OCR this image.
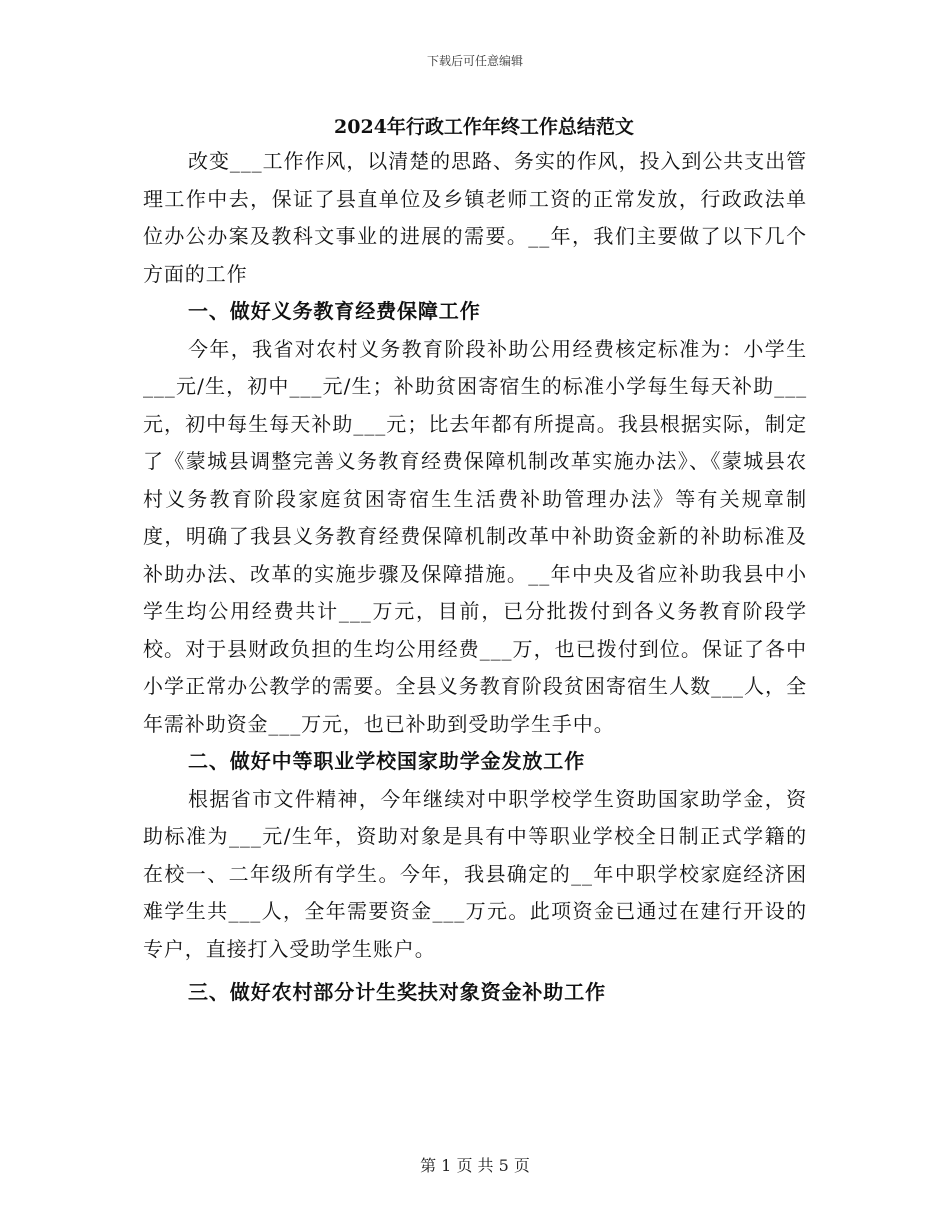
下载后可任意编辑
2024年行政工作年终工作总结范文

改变___工作作风，以清楚的思路、务实的作风，投入到公共支出管理工作中去，保证了县直单位及乡镇老师工资的正常发放，行政政法单位办公办案及教科文事业的进展的需要。__年，我们主要做了以下几个方面的工作

一、做好义务教育经费保障工作

今年，我省对农村义务教育阶段补助公用经费核定标准为：小学生___元/生，初中___元/生；补助贫困寄宿生的标准小学每生每天补助___元，初中每生每天补助___元；比去年都有所提高。我县根据实际，制定了《蒙城县调整完善义务教育经费保障机制改革实施办法》、《蒙城县农村义务教育阶段家庭贫困寄宿生生活费补助管理办法》等有关规章制度，明确了我县义务教育经费保障机制改革中补助资金新的补助标准及补助办法、改革的实施步骤及保障措施。__年中央及省应补助我县中小学生均公用经费共计___万元，目前，已分批拨付到各义务教育阶段学校。对于县财政负担的生均公用经费___万，也已拨付到位。保证了各中小学正常办公教学的需要。全县义务教育阶段贫困寄宿生人数___人，全年需补助资金___万元，也已补助到受助学生手中。

二、做好中等职业学校国家助学金发放工作

根据省市文件精神，今年继续对中职学校学生资助国家助学金，资助标准为___元/生年，资助对象是具有中等职业学校全日制正式学籍的在校一、二年级所有学生。今年，我县确定的__年中职学校家庭经济困难学生共___人，全年需要资金___万元。此项资金已通过在建行开设的专户，直接打入受助学生账户。

三、做好农村部分计生奖扶对象资金补助工作

第 1 页 共 5 页
